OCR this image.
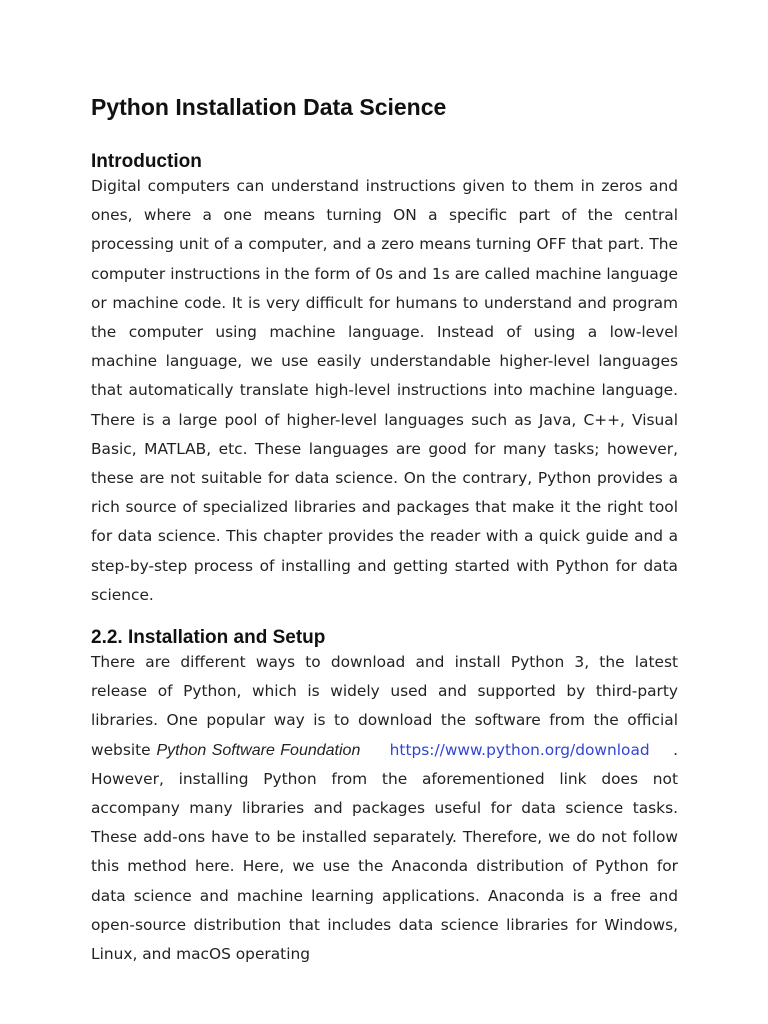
Python Installation Data Science
Introduction

Digital computers can understand instructions given to them in zeros and ones, where a one means turning ON a specific part of the central processing unit of a computer, and a zero means turning OFF that part. The computer instructions in the form of 0s and 1s are called machine language or machine code. It is very difficult for humans to understand and program the computer using machine language. Instead of using a low-level machine language, we use easily understandable higher-level languages that automatically translate high-level instructions into machine language. There is a large pool of higher-level languages such as Java, C++, Visual Basic, MATLAB, etc. These languages are good for many tasks; however, these are not suitable for data science. On the contrary, Python provides a rich source of specialized libraries and packages that make it the right tool for data science. This chapter provides the reader with a quick guide and a step-by-step process of installing and getting started with Python for data science.

2.2. Installation and Setup

There are different ways to download and install Python 3, the latest release of Python, which is widely used and supported by third-party libraries. One popular way is to download the software from the official website Python Software Foundation https://www.python.org/download . However, installing Python from the aforementioned link does not accompany many libraries and packages useful for data science tasks. These add-ons have to be installed separately. Therefore, we do not follow this method here. Here, we use the Anaconda distribution of Python for data science and machine learning applications. Anaconda is a free and open-source distribution that includes data science libraries for Windows, Linux, and macOS operating
